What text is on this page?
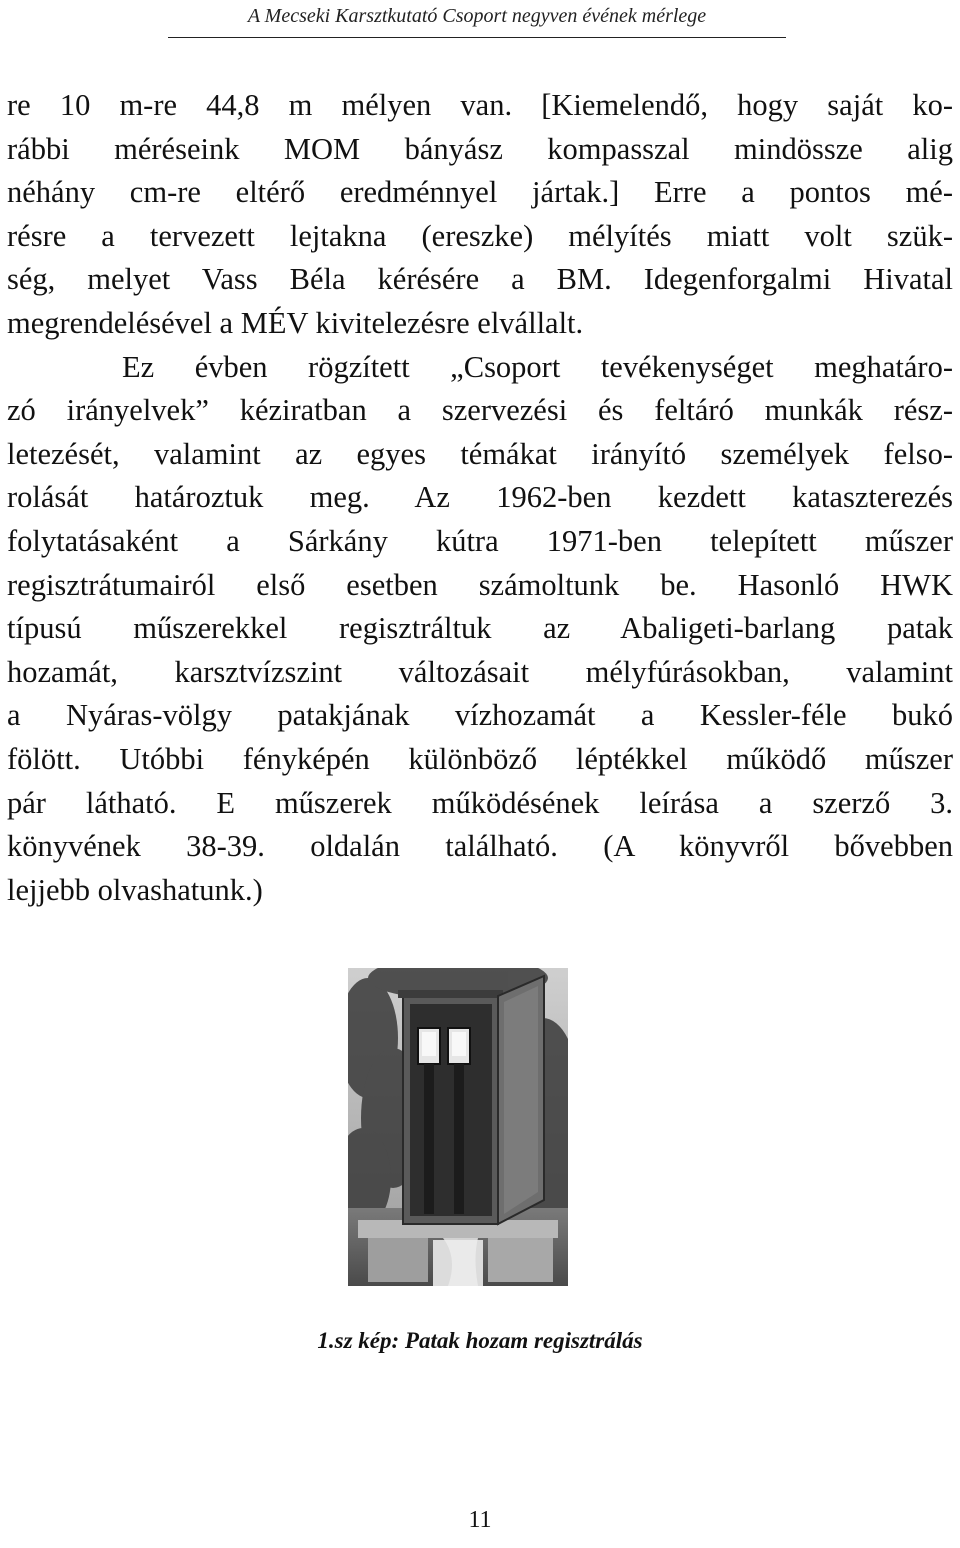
A Mecseki Karsztkutató Csoport negyven évének mérlege
re 10 m-re 44,8 m mélyen van. [Kiemelendő, hogy saját ko-
rábbi méréseink MOM bányász kompasszal mindössze alig
néhány cm-re eltérő eredménnyel jártak.] Erre a pontos mé-
résre a tervezett lejtakna (ereszke) mélyítés miatt volt szük-
ség, melyet Vass Béla kérésére a BM. Idegenforgalmi Hivatal
megrendelésével a MÉV kivitelezésre elvállalt.
Ez évben rögzített „Csoport tevékenységet meghatáro-
zó irányelvek” kéziratban a szervezési és feltáró munkák rész-
letezését, valamint az egyes témákat irányító személyek felso-
rolását határoztuk meg. Az 1962-ben kezdett kataszterezés
folytatásaként a Sárkány kútra 1971-ben telepített műszer
regisztrátumairól első esetben számoltunk be. Hasonló HWK
típusú műszerekkel regisztráltuk az Abaligeti-barlang patak
hozamát, karsztvízszint változásait mélyfúrásokban, valamint
a Nyáras-völgy patakjának vízhozamát a Kessler-féle bukó
fölött. Utóbbi fényképén különböző léptékkel működő műszer
pár látható. E műszerek működésének leírása a szerző 3.
könyvének 38-39. oldalán található. (A könyvről bővebben
lejjebb olvashatunk.)
1.sz kép: Patak hozam regisztrálás
11
